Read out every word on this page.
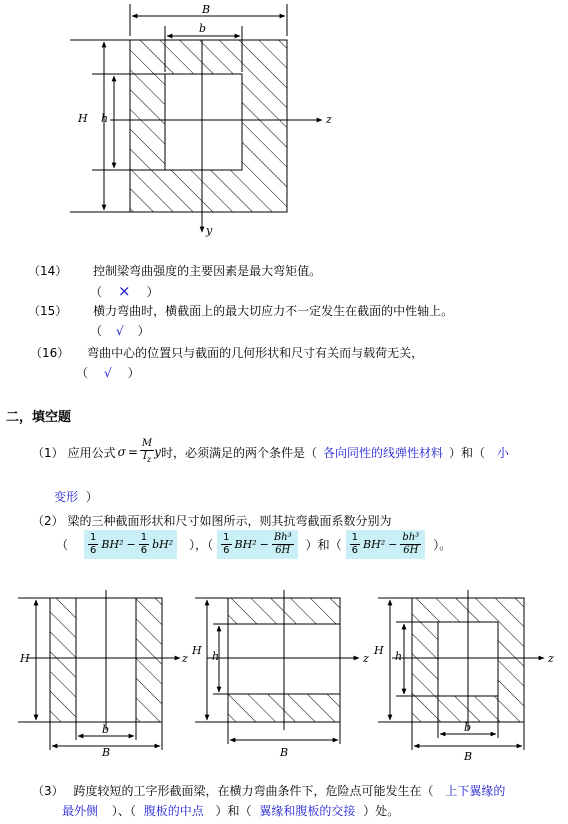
B
b
H h	z
y
（14） 控制梁弯曲强度的主要因素是最大弯矩值。
（ × ）
（15） 横力弯曲时，横截面上的最大切应力不一定发生在截面的中性轴上。
（ √ ）
（16） 弯曲中心的位置只与截面的几何形状和尺寸有关而与载荷无关，
（ √ ）
二，填空题
（1） 应用公式 $\sigma = \frac{M}{I_z}$ y 时，必须满足的两个条件是（ 各向同性的线弹性材料 ）和（ 小
变形 ）
（2） 梁的三种截面形状和尺寸如图所示，则其抗弯截面系数分别为
（ $\frac{1}{6} BH^2 - \frac{1}{6} bH^2$ ），（ $\frac{1}{6} BH^2 - \frac{\text{Bh³}}{6H}$ ）和（ $\frac{1}{6} BH^2 - \frac{\text{bh³}}{6H}$ ）。
H	z
b
B
H h	z
B
H h	z
b
B
（3） 跨度较短的工字形截面梁，在横力弯曲条件下，危险点可能发生在（ 上下翼缘的
最外侧 ）、（ 腹板的中点 ）和（ 翼缘和腹板的交接 ）处。
